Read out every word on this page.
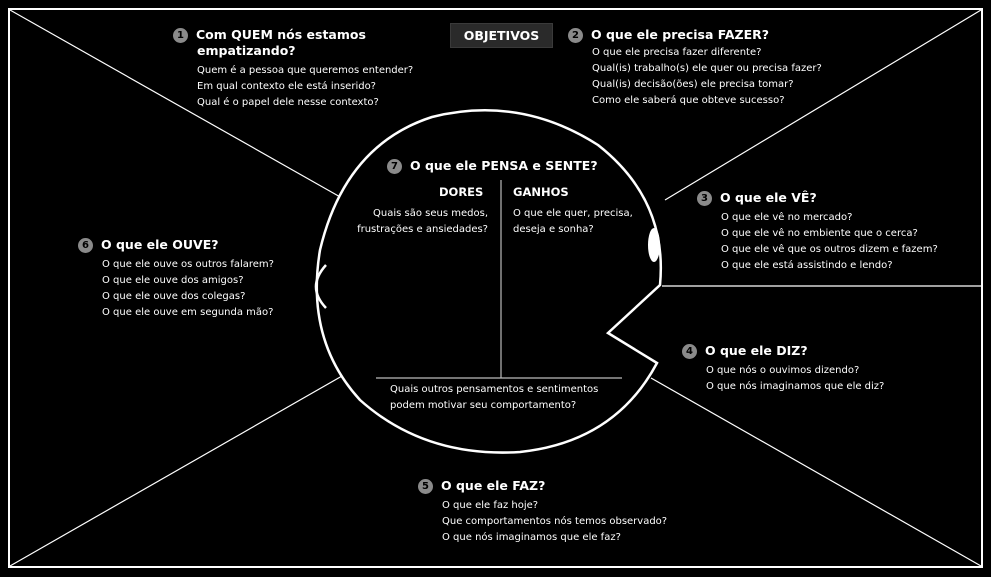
OBJETIVOS
1 Com QUEM nós estamos
empatizando?

Quem é a pessoa que queremos entender?

Em qual contexto ele está inserido?

Qual é o papel dele nesse contexto?

2 O que ele precisa FAZER?

O que ele precisa fazer diferente?

Qual(is) trabalho(s) ele quer ou precisa fazer?

Qual(is) decisão(ões) ele precisa tomar?

Como ele saberá que obteve sucesso?

3 O que ele VÊ?

O que ele vê no mercado?

O que ele vê no embiente que o cerca?

O que ele vê que os outros dizem e fazem?

O que ele está assistindo e lendo?

4 O que ele DIZ?

O que nós o ouvimos dizendo?

O que nós imaginamos que ele diz?

5 O que ele FAZ?

O que ele faz hoje?

Que comportamentos nós temos observado?

O que nós imaginamos que ele faz?

6 O que ele OUVE?

O que ele ouve os outros falarem?

O que ele ouve dos amigos?

O que ele ouve dos colegas?

O que ele ouve em segunda mão?

7 O que ele PENSA e SENTE?
DORES

Quais são seus medos,

frustrações e ansiedades?

GANHOS

O que ele quer, precisa,

deseja e sonha?

Quais outros pensamentos e sentimentos

podem motivar seu comportamento?
